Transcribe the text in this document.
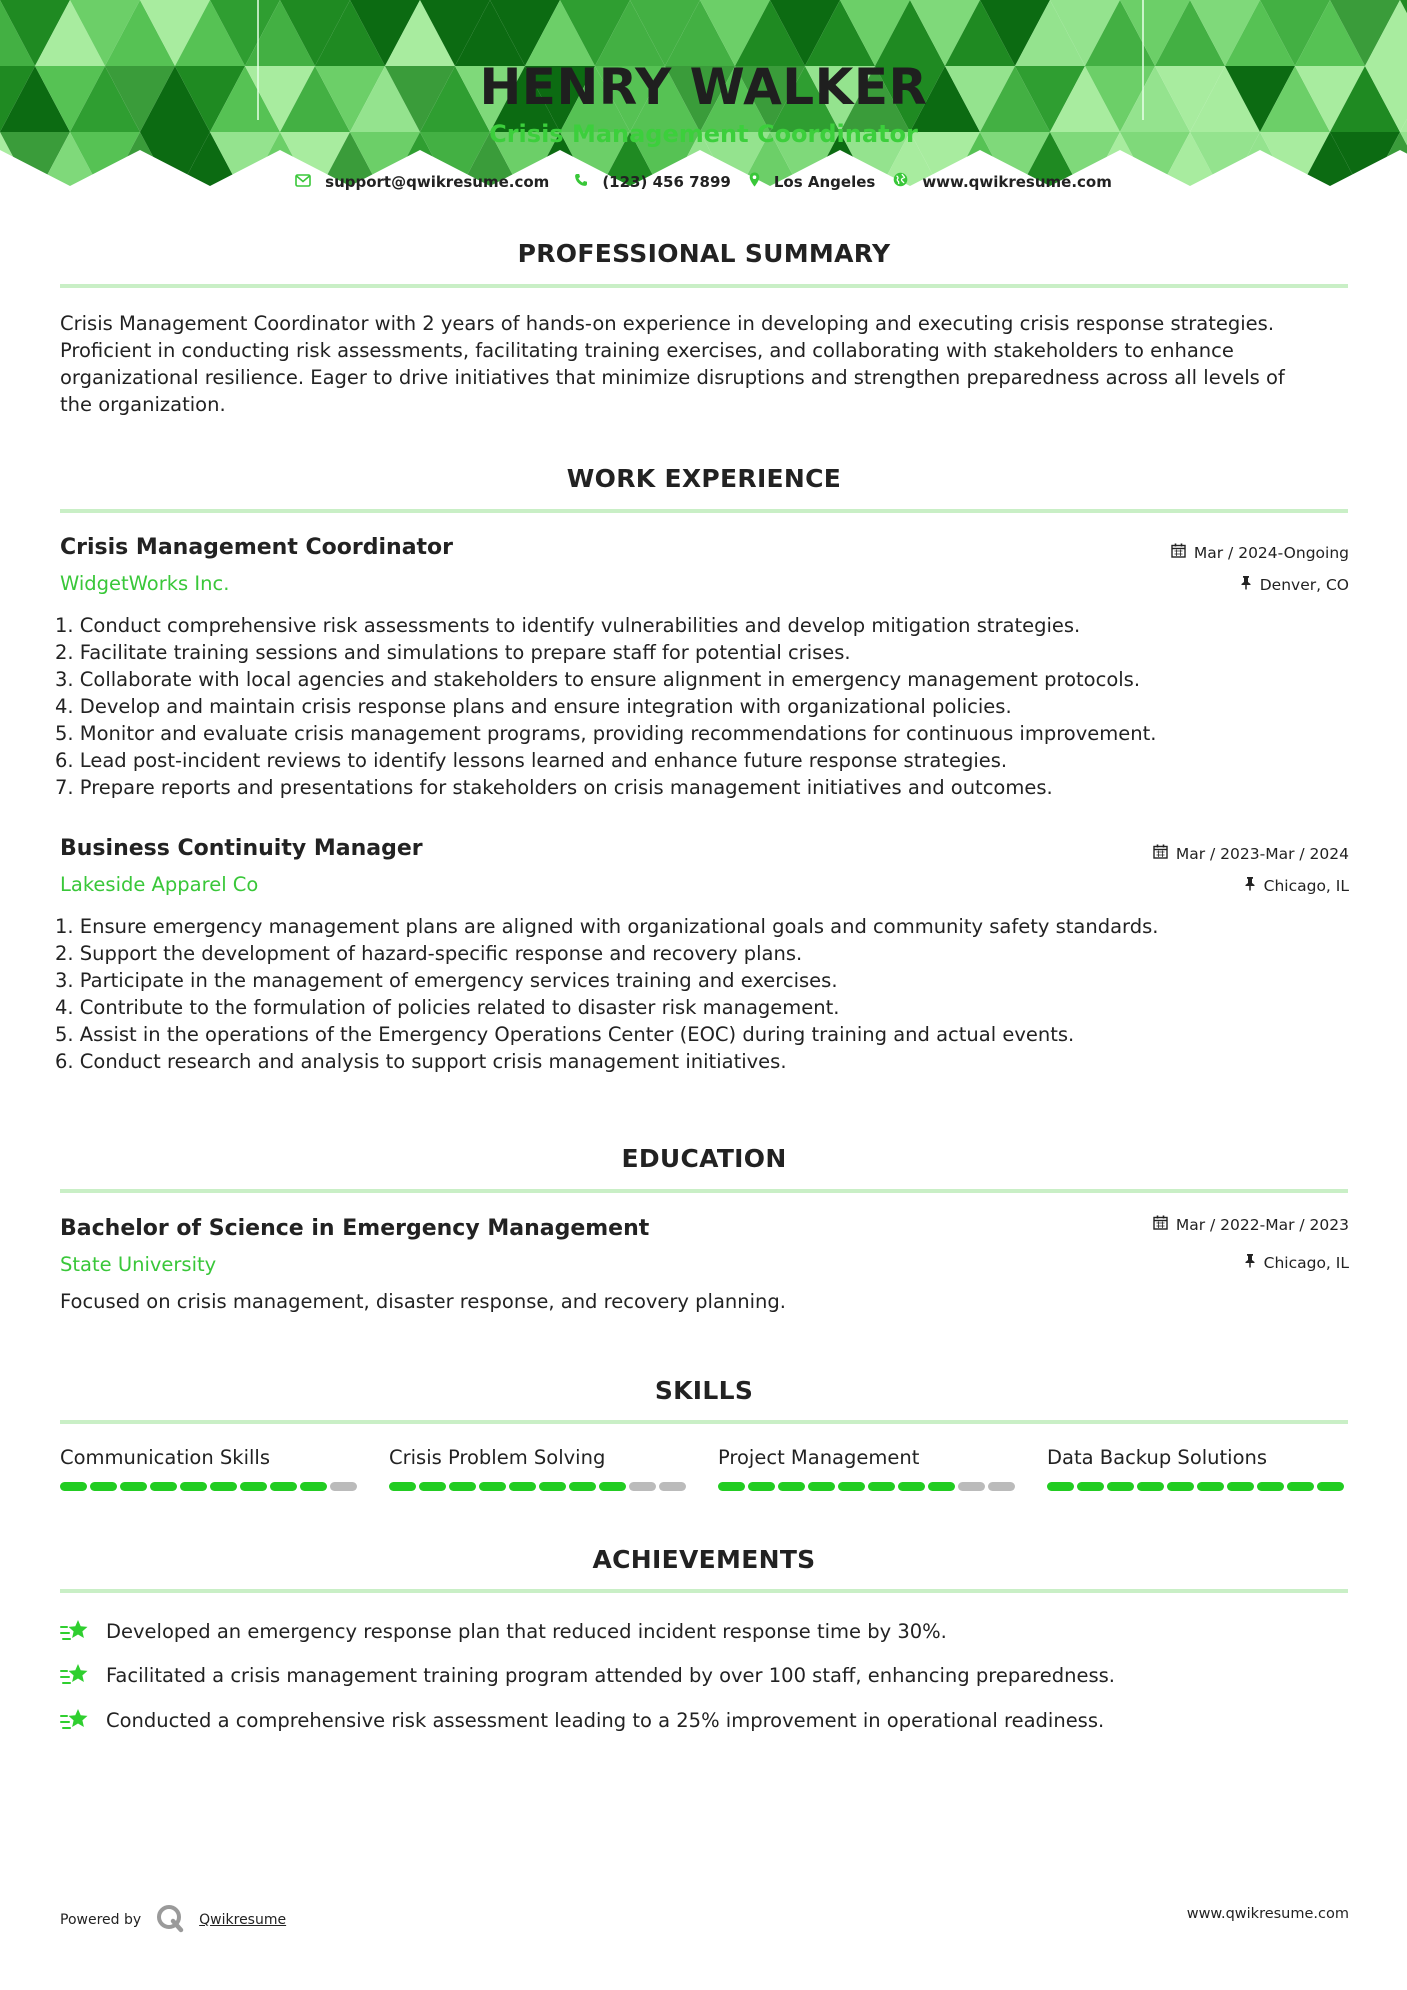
HENRY WALKER
Crisis Management Coordinator
support@qwikresume.com	(123) 456 7899	Los Angeles	www.qwikresume.com
PROFESSIONAL SUMMARY
Crisis Management Coordinator with 2 years of hands-on experience in developing and executing crisis response strategies.
Proficient in conducting risk assessments, facilitating training exercises, and collaborating with stakeholders to enhance
organizational resilience. Eager to drive initiatives that minimize disruptions and strengthen preparedness across all levels of
the organization.
WORK EXPERIENCE
Crisis Management Coordinator
WidgetWorks Inc.
Mar / 2024-Ongoing
Denver, CO
1. Conduct comprehensive risk assessments to identify vulnerabilities and develop mitigation strategies.
2. Facilitate training sessions and simulations to prepare staff for potential crises.
3. Collaborate with local agencies and stakeholders to ensure alignment in emergency management protocols.
4. Develop and maintain crisis response plans and ensure integration with organizational policies.
5. Monitor and evaluate crisis management programs, providing recommendations for continuous improvement.
6. Lead post-incident reviews to identify lessons learned and enhance future response strategies.
7. Prepare reports and presentations for stakeholders on crisis management initiatives and outcomes.
Business Continuity Manager
Lakeside Apparel Co
Mar / 2023-Mar / 2024
Chicago, IL
1. Ensure emergency management plans are aligned with organizational goals and community safety standards.
2. Support the development of hazard-specific response and recovery plans.
3. Participate in the management of emergency services training and exercises.
4. Contribute to the formulation of policies related to disaster risk management.
5. Assist in the operations of the Emergency Operations Center (EOC) during training and actual events.
6. Conduct research and analysis to support crisis management initiatives.
EDUCATION
Bachelor of Science in Emergency Management
State University
Mar / 2022-Mar / 2023
Chicago, IL
Focused on crisis management, disaster response, and recovery planning.
SKILLS
Communication Skills	Crisis Problem Solving	Project Management	Data Backup Solutions
ACHIEVEMENTS
Developed an emergency response plan that reduced incident response time by 30%.
Facilitated a crisis management training program attended by over 100 staff, enhancing preparedness.
Conducted a comprehensive risk assessment leading to a 25% improvement in operational readiness.
Powered by	Qwikresume	www.qwikresume.com
